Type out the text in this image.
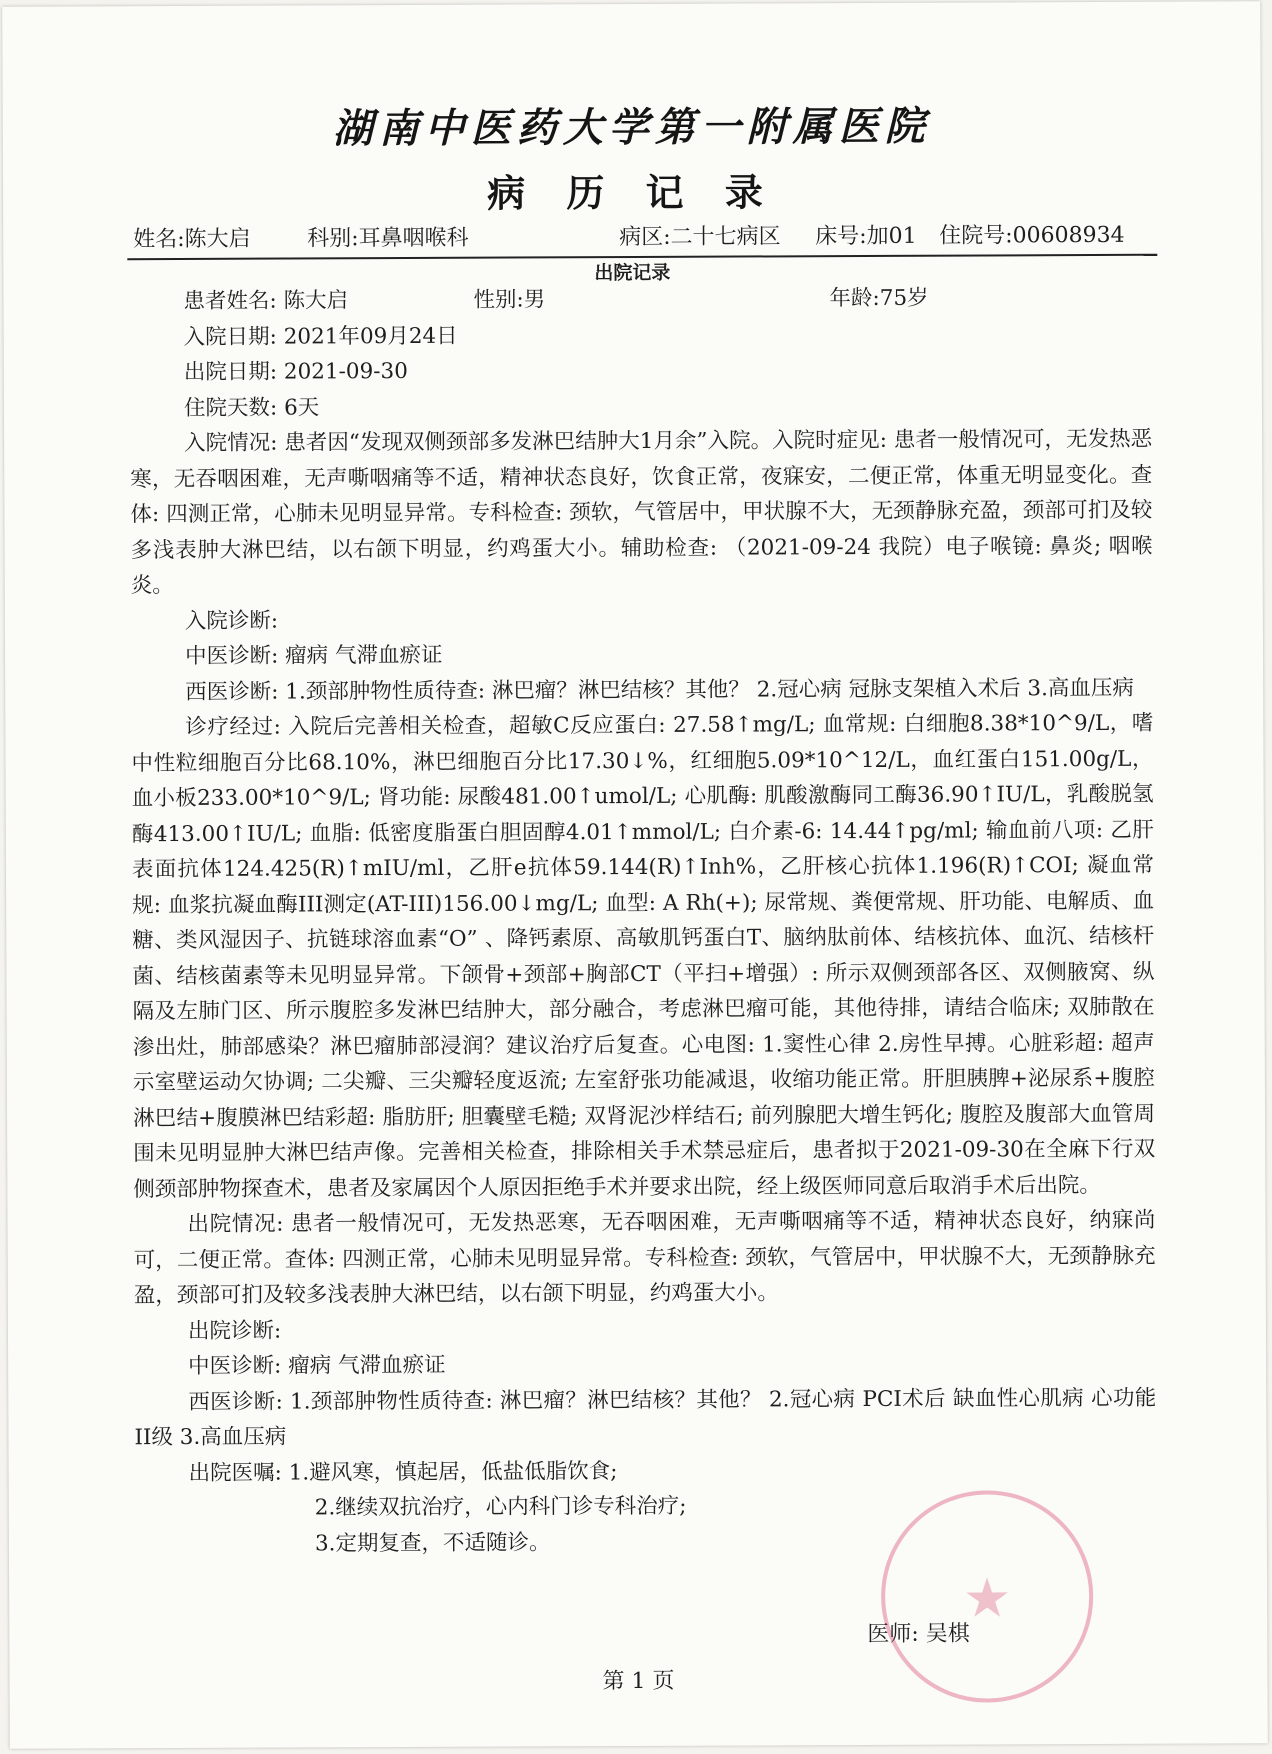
湖南中医药大学第一附属医院
病 历 记 录
姓名:陈大启	科别:耳鼻咽喉科	病区:二十七病区 床号:加01 住院号:00608934
出院记录
患者姓名: 陈大启	性别:男	年龄:75岁
入院日期: 2021年09月24日
出院日期: 2021-09-30
住院天数: 6天
入院情况: 患者因“发现双侧颈部多发淋巴结肿大1月余”入院。入院时症见: 患者一般情况可，无发热恶寒，无吞咽困难，无声嘶咽痛等不适，精神状态良好，饮食正常，夜寐安，二便正常，体重无明显变化。查体: 四测正常，心肺未见明显异常。专科检查: 颈软，气管居中，甲状腺不大，无颈静脉充盈，颈部可扪及较多浅表肿大淋巴结，以右颌下明显，约鸡蛋大小。辅助检查: （2021-09-24 我院）电子喉镜: 鼻炎; 咽喉炎。
入院诊断:
中医诊断: 瘤病 气滞血瘀证
西医诊断: 1.颈部肿物性质待查: 淋巴瘤？淋巴结核？其他？ 2.冠心病 冠脉支架植入术后 3.高血压病
诊疗经过: 入院后完善相关检查，超敏C反应蛋白: 27.58↑mg/L; 血常规: 白细胞8.38*10^9/L，嗜中性粒细胞百分比68.10%，淋巴细胞百分比17.30↓%，红细胞5.09*10^12/L，血红蛋白151.00g/L，血小板233.00*10^9/L; 肾功能: 尿酸481.00↑umol/L; 心肌酶: 肌酸激酶同工酶36.90↑IU/L，乳酸脱氢酶413.00↑IU/L; 血脂: 低密度脂蛋白胆固醇4.01↑mmol/L; 白介素-6: 14.44↑pg/ml; 输血前八项: 乙肝表面抗体124.425(R)↑mIU/ml，乙肝e抗体59.144(R)↑Inh%，乙肝核心抗体1.196(R)↑COI; 凝血常规: 血浆抗凝血酶III测定(AT-III)156.00↓mg/L; 血型: A Rh(+); 尿常规、粪便常规、肝功能、电解质、血糖、类风湿因子、抗链球溶血素“O” 、降钙素原、高敏肌钙蛋白T、脑纳肽前体、结核抗体、血沉、结核杆菌、结核菌素等未见明显异常。下颌骨+颈部+胸部CT（平扫+增强）: 所示双侧颈部各区、双侧腋窝、纵隔及左肺门区、所示腹腔多发淋巴结肿大，部分融合，考虑淋巴瘤可能，其他待排，请结合临床; 双肺散在渗出灶，肺部感染？淋巴瘤肺部浸润？建议治疗后复查。心电图: 1.窦性心律 2.房性早搏。心脏彩超: 超声示室壁运动欠协调; 二尖瓣、三尖瓣轻度返流; 左室舒张功能减退，收缩功能正常。肝胆胰脾+泌尿系+腹腔淋巴结+腹膜淋巴结彩超: 脂肪肝; 胆囊壁毛糙; 双肾泥沙样结石; 前列腺肥大增生钙化; 腹腔及腹部大血管周围未见明显肿大淋巴结声像。完善相关检查，排除相关手术禁忌症后，患者拟于2021-09-30在全麻下行双侧颈部肿物探查术，患者及家属因个人原因拒绝手术并要求出院，经上级医师同意后取消手术后出院。
出院情况: 患者一般情况可，无发热恶寒，无吞咽困难，无声嘶咽痛等不适，精神状态良好，纳寐尚可，二便正常。查体: 四测正常，心肺未见明显异常。专科检查: 颈软，气管居中，甲状腺不大，无颈静脉充盈，颈部可扪及较多浅表肿大淋巴结，以右颌下明显，约鸡蛋大小。
出院诊断:
中医诊断: 瘤病 气滞血瘀证
西医诊断: 1.颈部肿物性质待查: 淋巴瘤？淋巴结核？其他？ 2.冠心病 PCI术后 缺血性心肌病 心功能II级 3.高血压病
出院医嘱: 1.避风寒，慎起居，低盐低脂饮食;
2.继续双抗治疗，心内科门诊专科治疗;
3.定期复查，不适随诊。
★
医师: 吴棋
第 1 页
